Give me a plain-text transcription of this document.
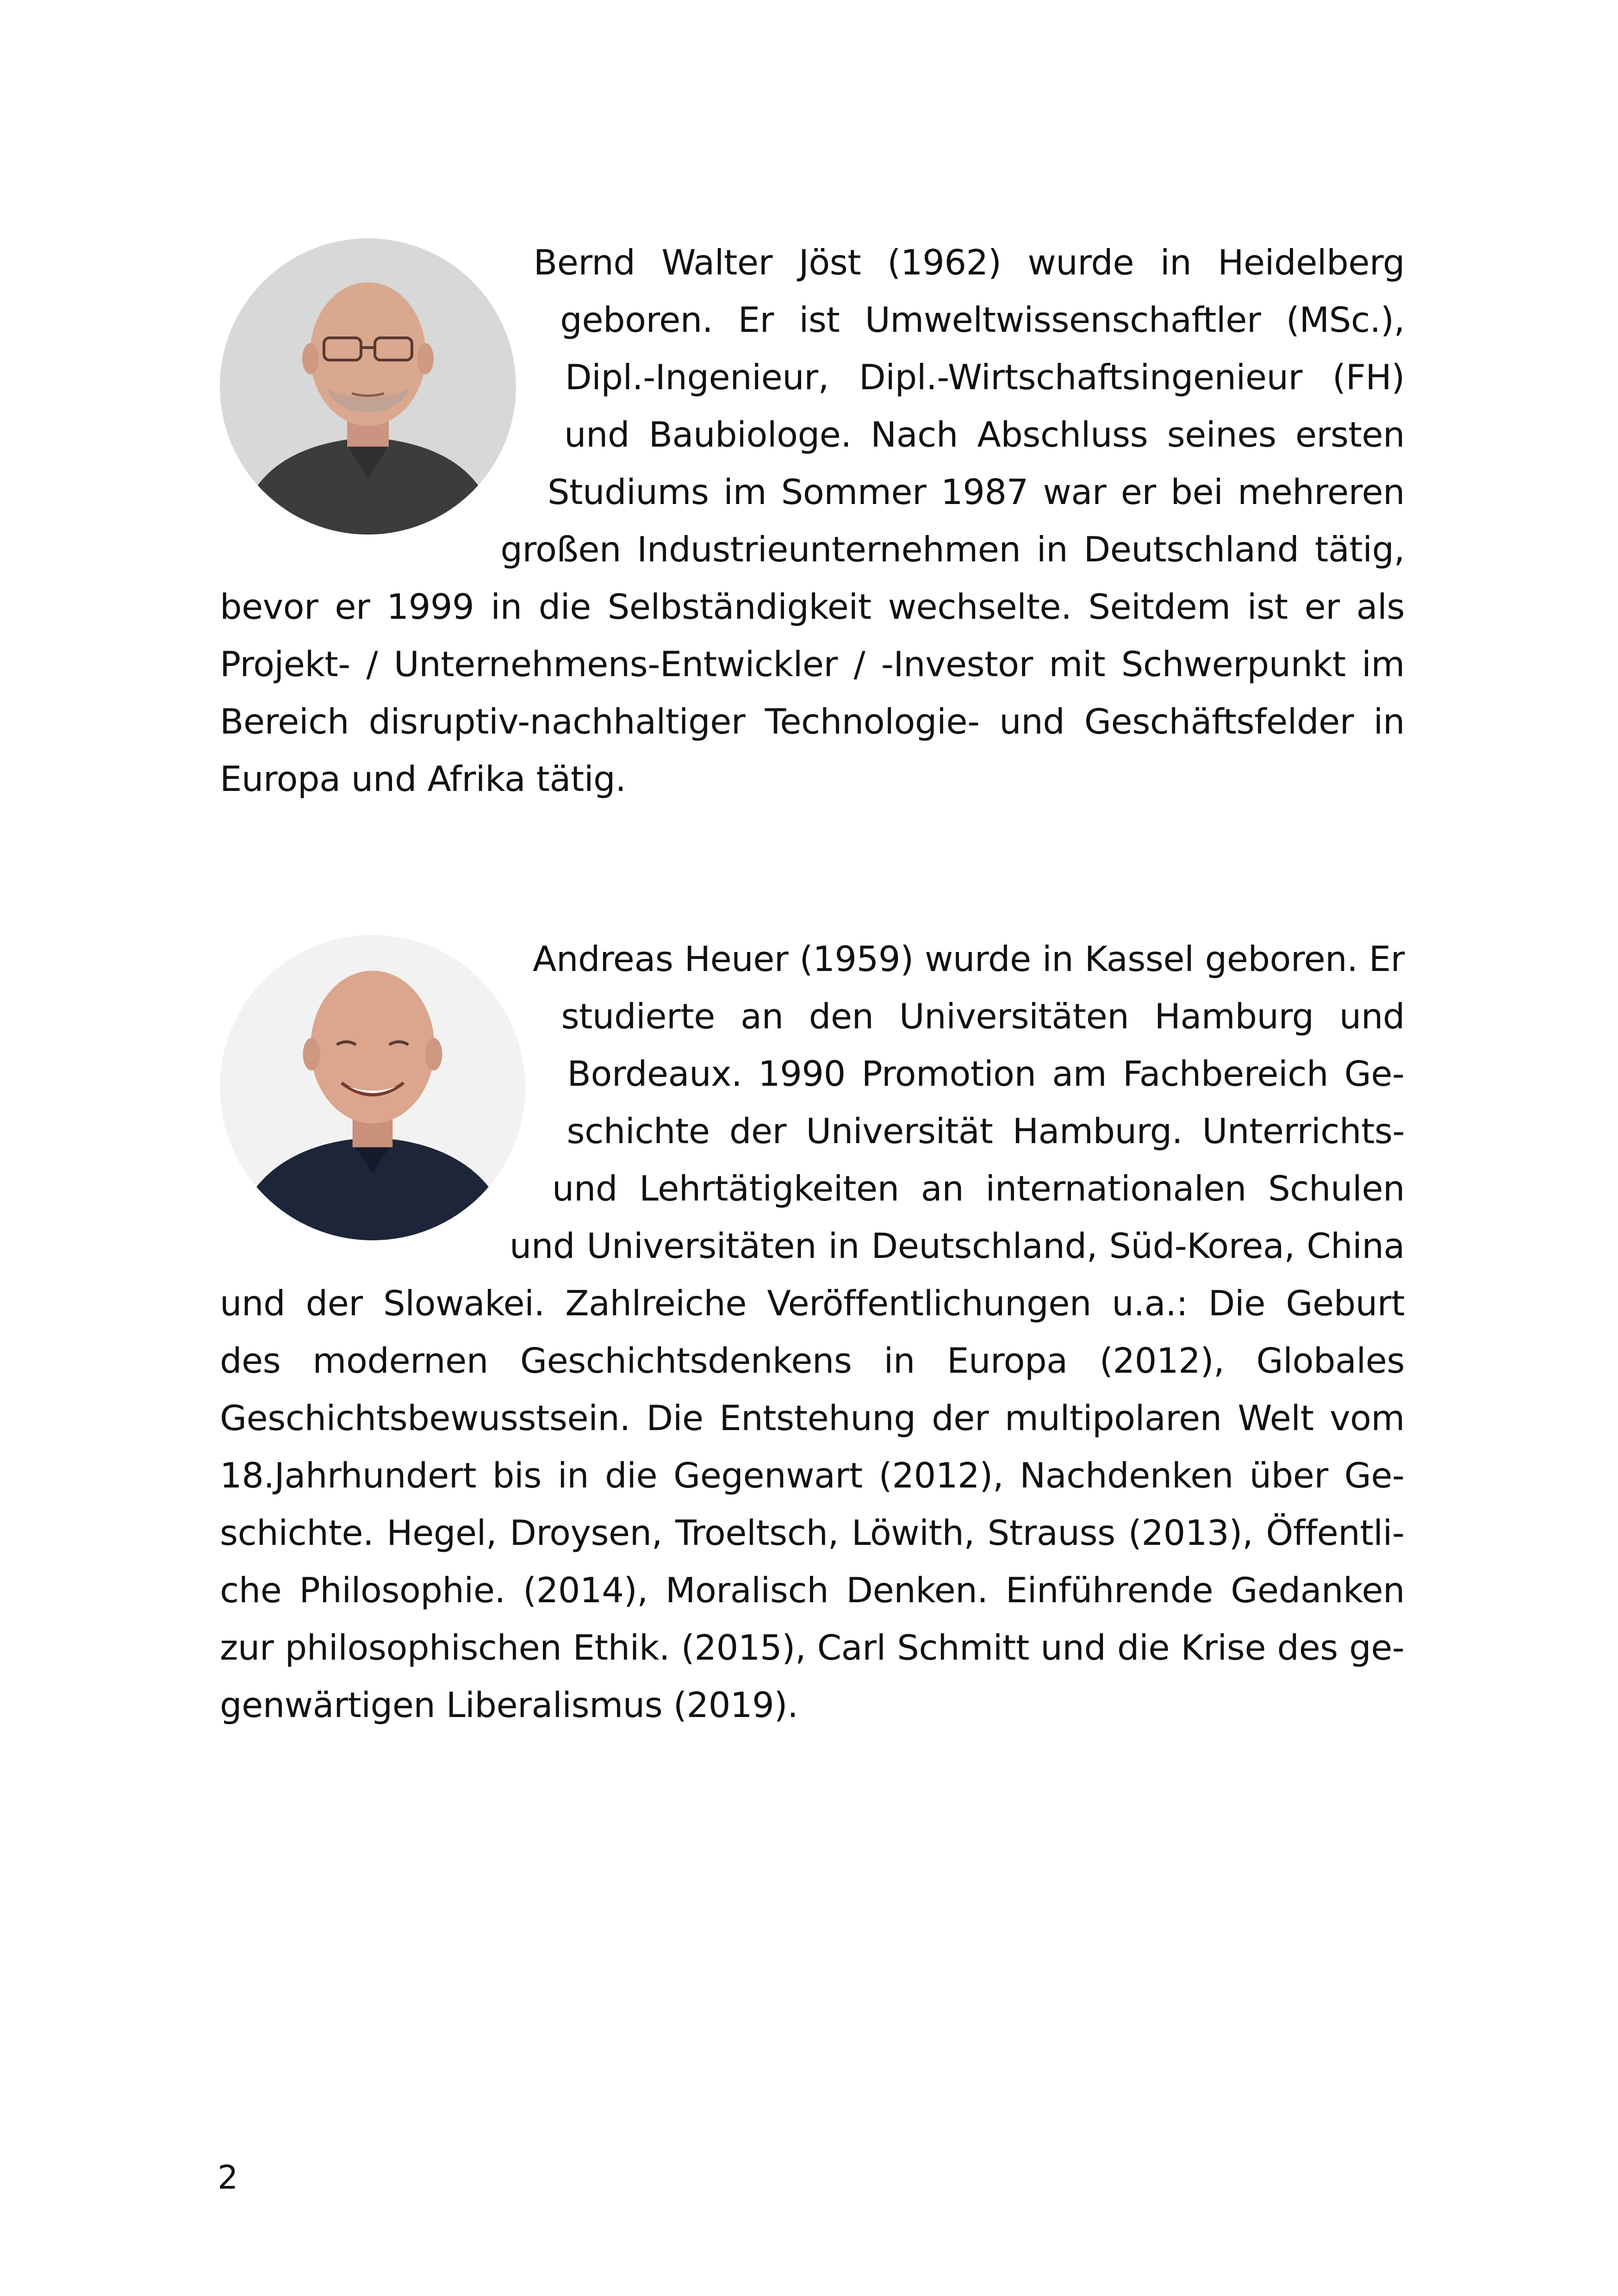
Bernd Walter Jöst (1962) wurde in Heidelberg geboren. Er ist Umweltwissenschaftler (MSc.), Dipl.-Ingenieur, Dipl.-Wirtschaftsingenieur (FH) und Baubiologe. Nach Abschluss seines ersten Studiums im Sommer 1987 war er bei mehreren großen Industrieunternehmen in Deutschland tätig, bevor er 1999 in die Selbständigkeit wechselte. Seitdem ist er als Projekt- / Unternehmens-Entwickler / -Investor mit Schwerpunkt im Bereich disruptiv-nachhaltiger Technologie- und Geschäftsfelder in Europa und Afrika tätig.

Andreas Heuer (1959) wurde in Kassel geboren. Er studierte an den Universitäten Hamburg und Bordeaux. 1990 Promotion am Fachbereich Geschichte der Universität Hamburg. Unterrichts- und Lehrtätigkeiten an internationalen Schulen und Universitäten in Deutschland, Süd-Korea, China und der Slowakei. Zahlreiche Veröffentlichungen u.a.: Die Geburt des modernen Geschichtsdenkens in Europa (2012), Globales Geschichtsbewusstsein. Die Entstehung der multipolaren Welt vom 18.Jahrhundert bis in die Gegenwart (2012), Nachdenken über Geschichte. Hegel, Droysen, Troeltsch, Löwith, Strauss (2013), Öffentliche Philosophie. (2014), Moralisch Denken. Einführende Gedanken zur philosophischen Ethik. (2015), Carl Schmitt und die Krise des gegenwärtigen Liberalismus (2019).

2
